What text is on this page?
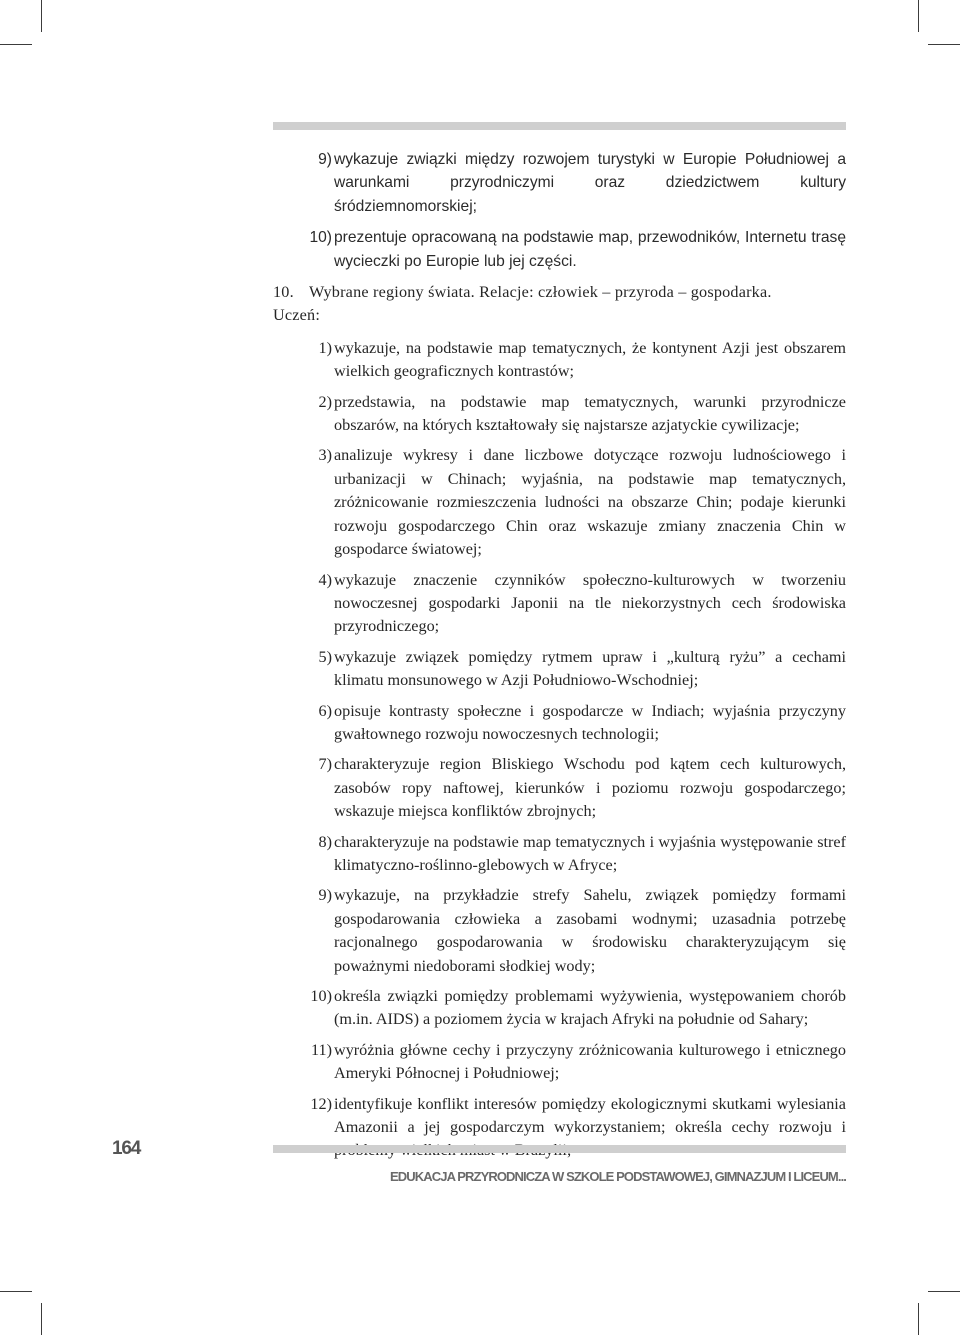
9) wykazuje związki między rozwojem turystyki w Europie Południowej a warunkami przyrodniczymi oraz dziedzictwem kultury śródziemnomorskiej;
10) prezentuje opracowaną na podstawie map, przewodników, Internetu trasę wycieczki po Europie lub jej części.
10. Wybrane regiony świata. Relacje: człowiek – przyroda – gospodarka.
Uczeń:
1) wykazuje, na podstawie map tematycznych, że kontynent Azji jest obszarem wielkich geograficznych kontrastów;
2) przedstawia, na podstawie map tematycznych, warunki przyrodnicze obszarów, na których kształtowały się najstarsze azjatyckie cywilizacje;
3) analizuje wykresy i dane liczbowe dotyczące rozwoju ludnościowego i urbanizacji w Chinach; wyjaśnia, na podstawie map tematycznych, zróżnicowanie rozmieszczenia ludności na obszarze Chin; podaje kierunki rozwoju gospodarczego Chin oraz wskazuje zmiany znaczenia Chin w gospodarce światowej;
4) wykazuje znaczenie czynników społeczno-kulturowych w tworzeniu nowoczesnej gospodarki Japonii na tle niekorzystnych cech środowiska przyrodniczego;
5) wykazuje związek pomiędzy rytmem upraw i „kulturą ryżu” a cechami klimatu monsunowego w Azji Południowo-Wschodniej;
6) opisuje kontrasty społeczne i gospodarcze w Indiach; wyjaśnia przyczyny gwałtownego rozwoju nowoczesnych technologii;
7) charakteryzuje region Bliskiego Wschodu pod kątem cech kulturowych, zasobów ropy naftowej, kierunków i poziomu rozwoju gospodarczego; wskazuje miejsca konfliktów zbrojnych;
8) charakteryzuje na podstawie map tematycznych i wyjaśnia występowanie stref klimatyczno-roślinno-glebowych w Afryce;
9) wykazuje, na przykładzie strefy Sahelu, związek pomiędzy formami gospodarowania człowieka a zasobami wodnymi; uzasadnia potrzebę racjonalnego gospodarowania w środowisku charakteryzującym się poważnymi niedoborami słodkiej wody;
10) określa związki pomiędzy problemami wyżywienia, występowaniem chorób (m.in. AIDS) a poziomem życia w krajach Afryki na południe od Sahary;
11) wyróżnia główne cechy i przyczyny zróżnicowania kulturowego i etnicznego Ameryki Północnej i Południowej;
12) identyfikuje konflikt interesów pomiędzy ekologicznymi skutkami wylesiania Amazonii a jej gospodarczym wykorzystaniem; określa cechy rozwoju i
164
EDUKACJA PRZYRODNICZA W SZKOLE PODSTAWOWEJ, GIMNAZJUM I LICEUM...
